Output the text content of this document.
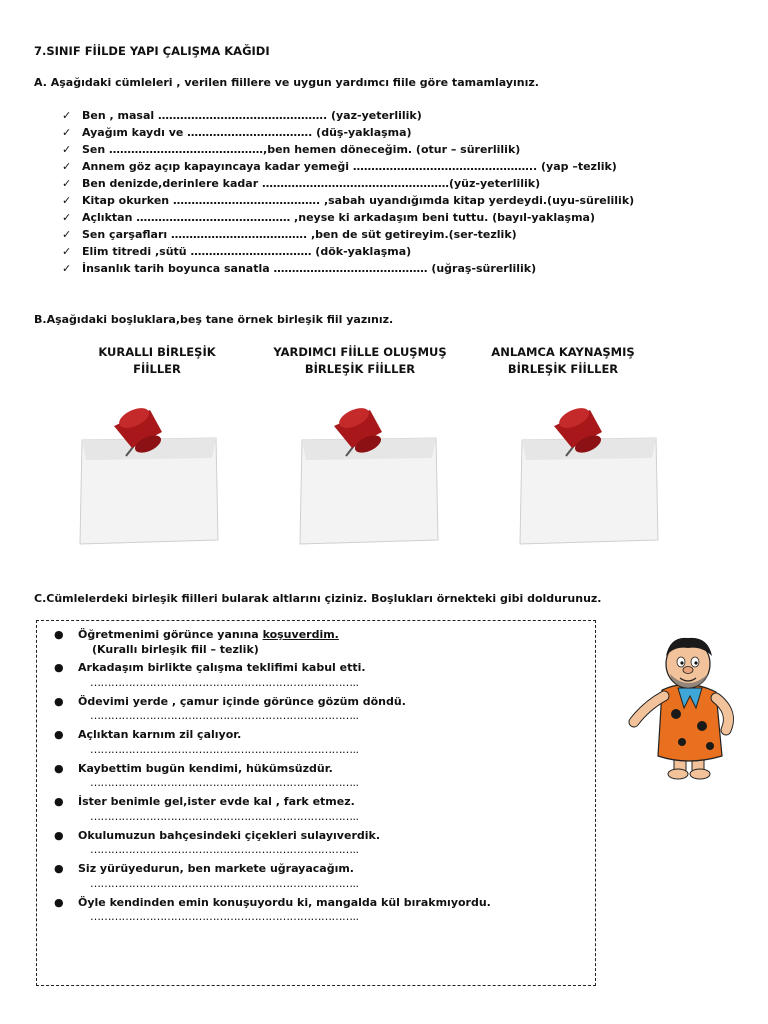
7.SINIF FİİLDE YAPI ÇALIŞMA KAĞIDI
A. Aşağıdaki cümleleri , verilen fiillere ve uygun yardımcı fiile göre tamamlayınız.
✓ Ben , masal ………………………………………. (yaz-yeterlilik)
✓ Ayağım kaydı ve ……………………………. (düş-yaklaşma)
✓ Sen ……………………………………,ben hemen döneceğim. (otur – sürerlilik)
✓ Annem göz açıp kapayıncaya kadar yemeği ………………………………………….. (yap –tezlik)
✓ Ben denizde,derinlere kadar ……………………………………………(yüz-yeterlilik)
✓ Kitap okurken …………………………………. ,sabah uyandığımda kitap yerdeydi.(uyu-sürelilik)
✓ Açlıktan …………………………………… ,neyse ki arkadaşım beni tuttu. (bayıl-yaklaşma)
✓ Sen çarşafları ………………………………. ,ben de süt getireyim.(ser-tezlik)
✓ Elim titredi ,sütü …………………………… (dök-yaklaşma)
✓ İnsanlık tarih boyunca sanatla …………………………………… (uğraş-sürerlilik)
B.Aşağıdaki boşluklara,beş tane örnek birleşik fiil yazınız.
KURALLI BİRLEŞİK
FİİLLER
YARDIMCI FİİLLE OLUŞMUŞ
BİRLEŞİK FİİLLER
ANLAMCA KAYNAŞMIŞ
BİRLEŞİK FİİLLER
C.Cümlelerdeki birleşik fiilleri bularak altlarını çiziniz. Boşlukları örnekteki gibi doldurunuz.
● Öğretmenimi görünce yanına koşuverdim.
(Kurallı birleşik fiil – tezlik)
● Arkadaşım birlikte çalışma teklifimi kabul etti.
…………………………………………………………………..
● Ödevimi yerde , çamur içinde görünce gözüm döndü.
…………………………………………………………………..
● Açlıktan karnım zil çalıyor.
…………………………………………………………………..
● Kaybettim bugün kendimi, hükümsüzdür.
…………………………………………………………………..
● İster benimle gel,ister evde kal , fark etmez.
…………………………………………………………………..
● Okulumuzun bahçesindeki çiçekleri sulayıverdik.
…………………………………………………………………..
● Siz yürüyedurun, ben markete uğrayacağım.
…………………………………………………………………..
● Öyle kendinden emin konuşuyordu ki, mangalda kül bırakmıyordu.
…………………………………………………………………..
